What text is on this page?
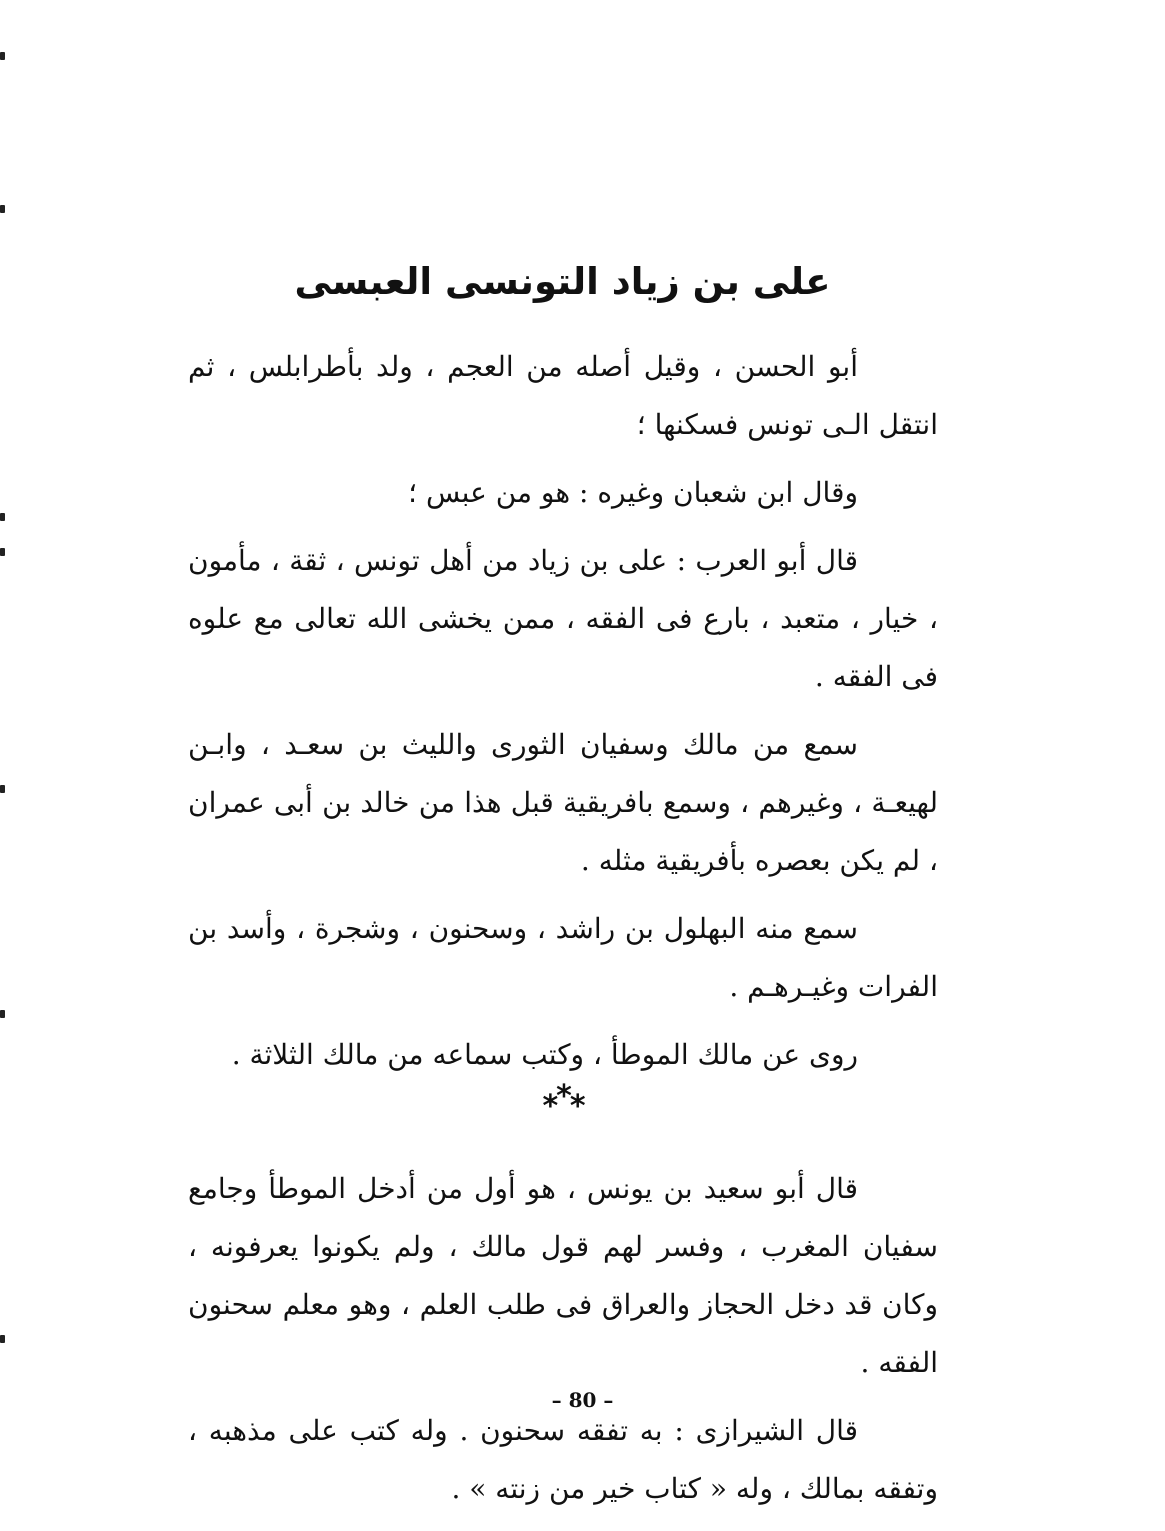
على بن زياد التونسى العبسى

أبو الحسن ، وقيل أصله من العجم ، ولد بأطرابلس ، ثم انتقل الـى تونس فسكنها ؛

وقال ابن شعبان وغيره : هو من عبس ؛

قال أبو العرب : على بن زياد من أهل تونس ، ثقة ، مأمون ، خيار ، متعبد ، بارع فى الفقه ، ممن يخشى الله تعالى مع علوه فى الفقه .

سمع من مالك وسفيان الثورى والليث بن سعـد ، وابـن لهيعـة ، وغيرهم ، وسمع بافريقية قبل هذا من خالد بن أبى عمران ، لم يكن بعصره بأفريقية مثله .

سمع منه البهلول بن راشد ، وسحنون ، وشجرة ، وأسد بن الفرات وغيـرهـم .

روى عن مالك الموطأ ، وكتب سماعه من مالك الثلاثة .

***

قال أبو سعيد بن يونس ، هو أول من أدخل الموطأ وجامع سفيان المغرب ، وفسر لهم قول مالك ، ولم يكونوا يعرفونه ، وكان قد دخل الحجاز والعراق فى طلب العلم ، وهو معلم سحنون الفقه .

قال الشيرازى : به تفقه سحنون . وله كتب على مذهبه ، وتفقه بمالك ، وله « كتاب خير من زنته » .

– 80 –
